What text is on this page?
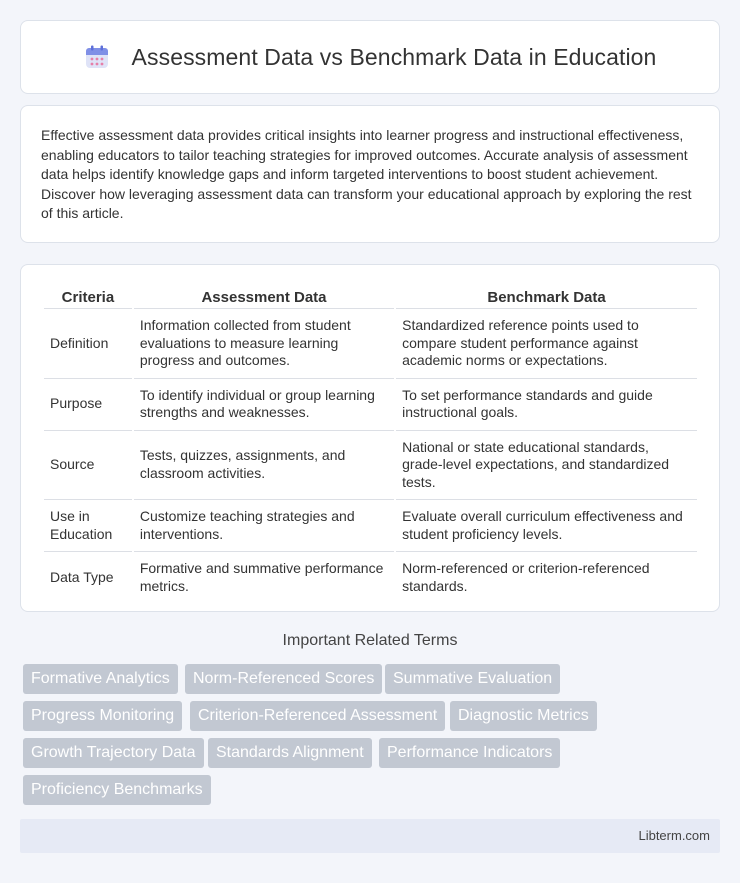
Assessment Data vs Benchmark Data in Education

Effective assessment data provides critical insights into learner progress and instructional effectiveness, enabling educators to tailor teaching strategies for improved outcomes. Accurate analysis of assessment data helps identify knowledge gaps and inform targeted interventions to boost student achievement. Discover how leveraging assessment data can transform your educational approach by exploring the rest of this article.

Criteria	Assessment Data	Benchmark Data
Definition	Information collected from student evaluations to measure learning progress and outcomes.	Standardized reference points used to compare student performance against academic norms or expectations.
Purpose	To identify individual or group learning strengths and weaknesses.	To set performance standards and guide instructional goals.
Source	Tests, quizzes, assignments, and classroom activities.	National or state educational standards, grade-level expectations, and standardized tests.
Use in Education	Customize teaching strategies and interventions.	Evaluate overall curriculum effectiveness and student proficiency levels.
Data Type	Formative and summative performance metrics.	Norm-referenced or criterion-referenced standards.
Important Related Terms
Formative Analytics	Norm-Referenced Scores	Summative Evaluation
Progress Monitoring	Criterion-Referenced Assessment	Diagnostic Metrics
Growth Trajectory Data	Standards Alignment	Performance Indicators
Proficiency Benchmarks
Libterm.com
